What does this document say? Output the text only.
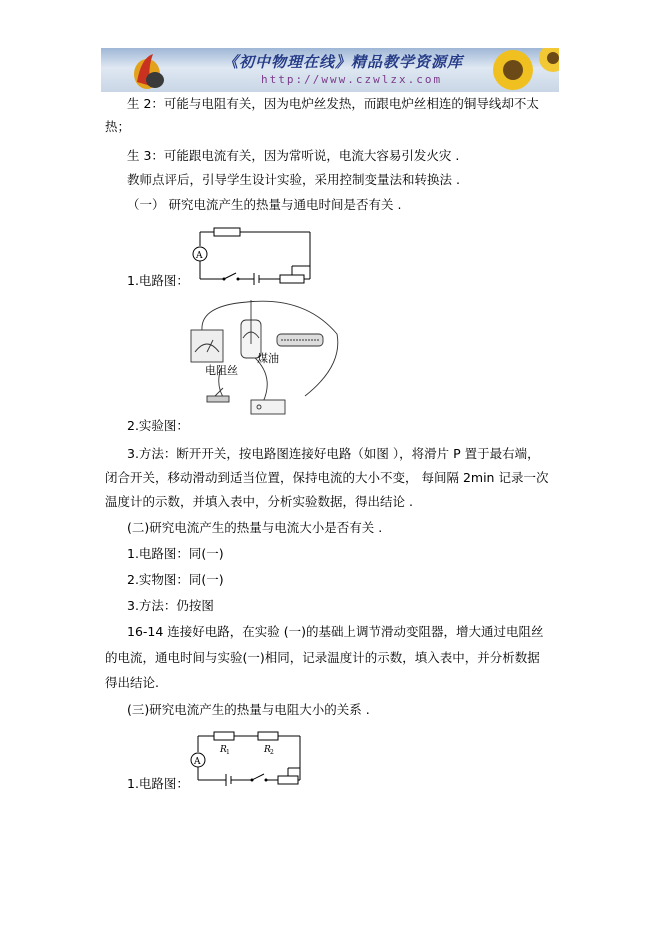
《初中物理在线》精品教学资源库
http://www.czwlzx.com
生 2：可能与电阻有关，因为电炉丝发热，而跟电炉丝相连的铜导线却不太
热；
生 3：可能跟电流有关，因为常听说，电流大容易引发火灾 .
教师点评后，引导学生设计实验，采用控制变量法和转换法 .
（一） 研究电流产生的热量与通电时间是否有关 .
A
1.电路图：
煤油
电阻丝
2.实验图：
3.方法：断开开关，按电路图连接好电路（如图 ），将滑片 P 置于最右端，
闭合开关，移动滑动到适当位置，保持电流的大小不变， 每间隔 2min 记录一次
温度计的示数，并填入表中，分析实验数据，得出结论 .
(二)研究电流产生的热量与电流大小是否有关 .
1.电路图：同(一)
2.实物图：同(一)
3.方法：仍按图
16-14 连接好电路，在实验 (一)的基础上调节滑动变阻器，增大通过电阻丝
的电流，通电时间与实验(一)相同，记录温度计的示数，填入表中，并分析数据
得出结论.
(三)研究电流产生的热量与电阻大小的关系 .
A
R 1	R 2
1.电路图：
